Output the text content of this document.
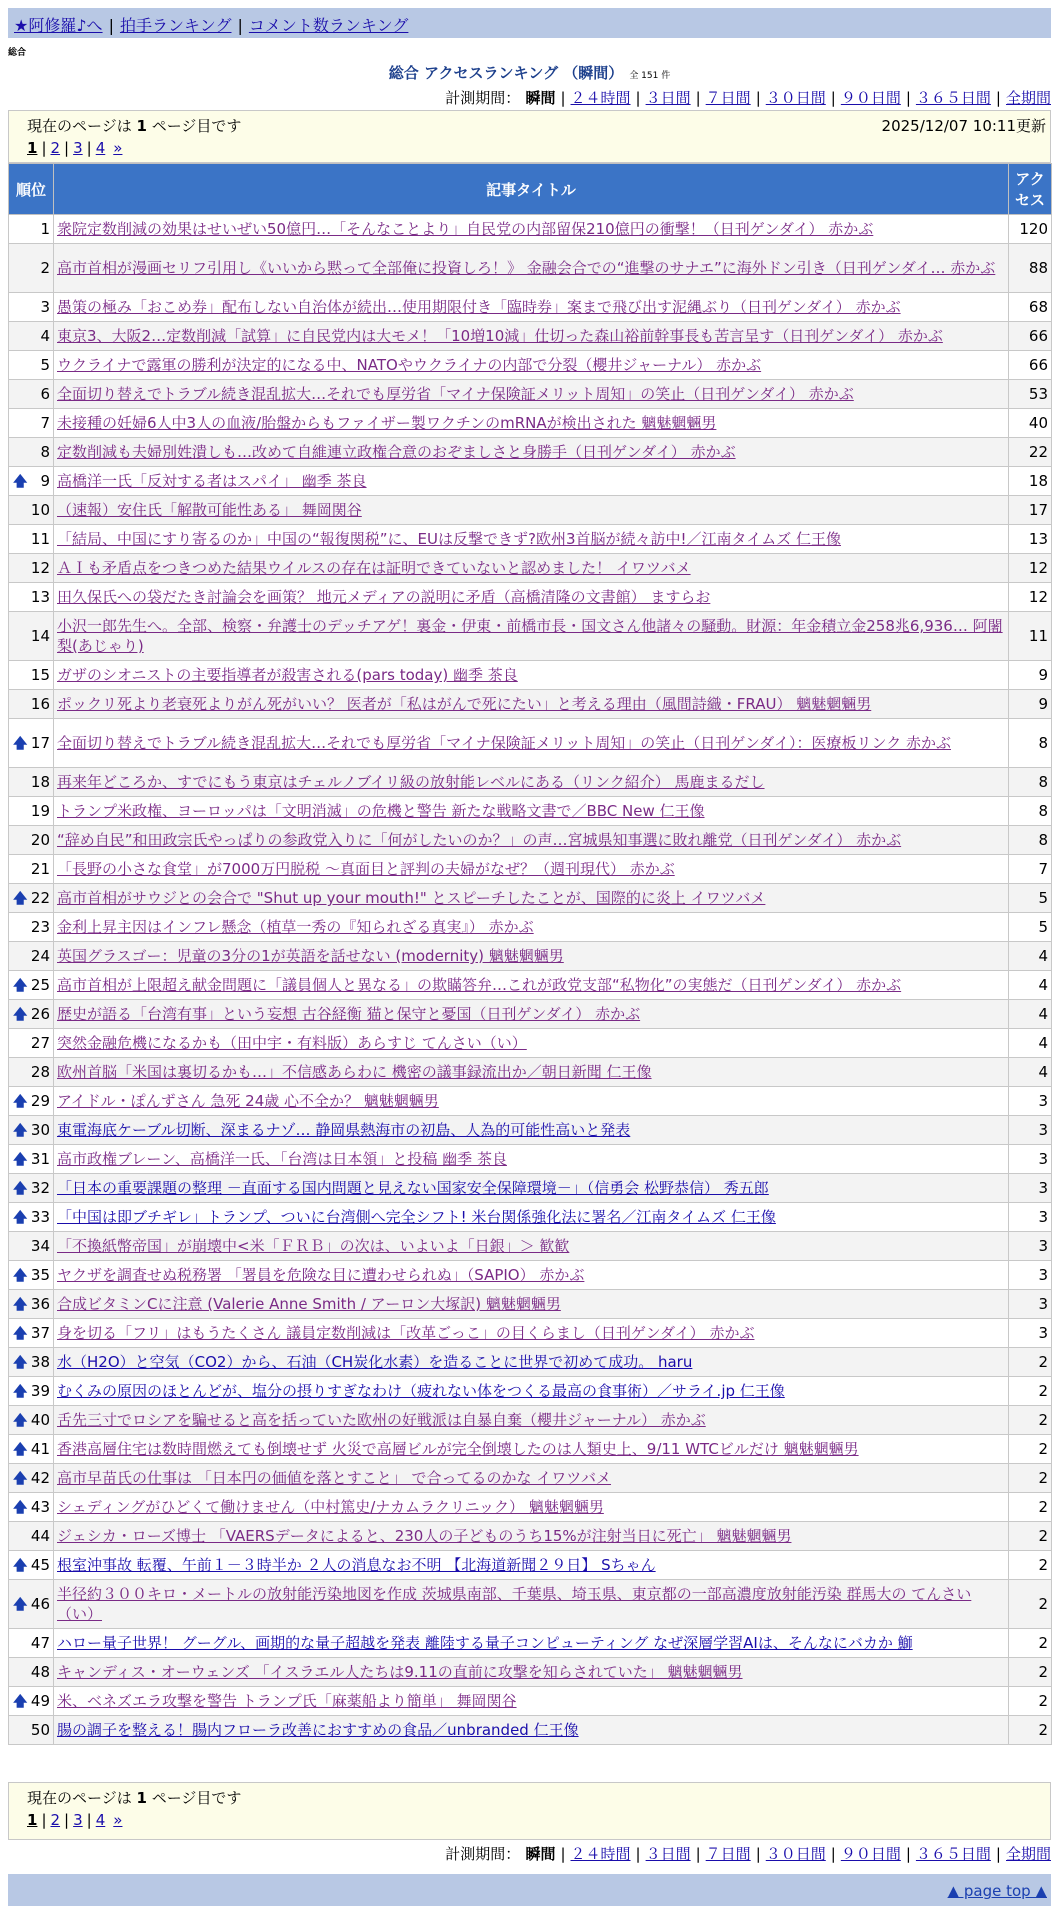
★阿修羅♪へ | 拍手ランキング | コメント数ランキング
総合
総合 アクセスランキング （瞬間） 全 151 件
計測期間： 瞬間 | ２４時間 | ３日間 | ７日間 | ３０日間 | ９０日間 | ３６５日間 | 全期間
現在のページは 1 ページ目です	2025/12/07 10:11更新
1 | 2 | 3 | 4 »
順位	記事タイトル	アクセス
1	衆院定数削減の効果はせいぜい50億円…「そんなことより」自民党の内部留保210億円の衝撃！（日刊ゲンダイ） 赤かぶ	120
2	高市首相が漫画セリフ引用し《いいから黙って全部俺に投資しろ！》 金融会合での“進撃のサナエ”に海外ドン引き（日刊ゲンダイ… 赤かぶ	88
3	愚策の極み「おこめ券」配布しない自治体が続出…使用期限付き「臨時券」案まで飛び出す泥縄ぶり（日刊ゲンダイ） 赤かぶ	68
4	東京3、大阪2…定数削減「試算」に自民党内は大モメ！「10増10減」仕切った森山裕前幹事長も苦言呈す（日刊ゲンダイ） 赤かぶ	66
5	ウクライナで露軍の勝利が決定的になる中、NATOやウクライナの内部で分裂（櫻井ジャーナル） 赤かぶ	66
6	全面切り替えでトラブル続き混乱拡大…それでも厚労省「マイナ保険証メリット周知」の笑止（日刊ゲンダイ） 赤かぶ	53
7	未接種の妊婦6人中3人の血液/胎盤からもファイザー製ワクチンのmRNAが検出された 魑魅魍魎男	40
8	定数削減も夫婦別姓潰しも…改めて自維連立政権合意のおぞましさと身勝手（日刊ゲンダイ） 赤かぶ	22

🡅 9	高橋洋一氏「反対する者はスパイ」 幽季 茶良	18
10	（速報）安住氏「解散可能性ある」 舞岡関谷	17
11	「結局、中国にすり寄るのか」中国の“報復関税”に、EUは反撃できず?欧州3首脳が続々訪中!／江南タイムズ 仁王像	13
12	ＡＩも矛盾点をつきつめた結果ウイルスの存在は証明できていないと認めました！ イワツバメ	12
13	田久保氏への袋だたき討論会を画策？ 地元メディアの説明に矛盾（高橋清隆の文書館） ますらお	12
14	小沢一郎先生へ。全部、検察・弁護士のデッチアゲ！裏金・伊東・前橋市長・国文さん他諸々の騒動。財源：年金積立金258兆6,936… 阿闍梨(あじゃり)	11
15	ガザのシオニストの主要指導者が殺害される(pars today) 幽季 茶良	9
16	ポックリ死より老衰死よりがん死がいい？ 医者が「私はがんで死にたい」と考える理由（風間詩織・FRAU） 魑魅魍魎男	9

🡅 17	全面切り替えでトラブル続き混乱拡大…それでも厚労省「マイナ保険証メリット周知」の笑止（日刊ゲンダイ）：医療板リンク 赤かぶ	8
18	再来年どころか、すでにもう東京はチェルノブイリ級の放射能レベルにある（リンク紹介） 馬鹿まるだし	8
19	トランプ米政権、ヨーロッパは「文明消滅」の危機と警告 新たな戦略文書で／BBC New 仁王像	8
20	“辞め自民”和田政宗氏やっぱりの参政党入りに「何がしたいのか？」の声…宮城県知事選に敗れ離党（日刊ゲンダイ） 赤かぶ	8
21	「長野の小さな食堂」が7000万円脱税 ～真面目と評判の夫婦がなぜ？（週刊現代） 赤かぶ	7

🡅 22	高市首相がサウジとの会合で "Shut up your mouth!" とスピーチしたことが、国際的に炎上 イワツバメ	5
23	金利上昇主因はインフレ懸念（植草一秀の『知られざる真実』） 赤かぶ	5
24	英国グラスゴー：児童の3分の1が英語を話せない (modernity) 魑魅魍魎男	4

🡅 25	高市首相が上限超え献金問題に「議員個人と異なる」の欺瞞答弁…これが政党支部“私物化”の実態だ（日刊ゲンダイ） 赤かぶ	4

🡅 26	歴史が語る「台湾有事」という妄想 古谷経衡 猫と保守と憂国（日刊ゲンダイ） 赤かぶ	4
27	突然金融危機になるかも（田中宇・有料版）あらすじ てんさい（い）	4
28	欧州首脳「米国は裏切るかも…」不信感あらわに 機密の議事録流出か／朝日新聞 仁王像	4

🡅 29	アイドル・ぽんずさん 急死 24歳 心不全か？ 魑魅魍魎男	3

🡅 30	東電海底ケーブル切断、深まるナゾ… 静岡県熱海市の初島、人為的可能性高いと発表	3

🡅 31	高市政権ブレーン、高橋洋一氏、「台湾は日本領」と投稿 幽季 茶良	3

🡅 32	「日本の重要課題の整理 －直面する国内問題と見えない国家安全保障環境－」（信勇会 松野恭信） 秀五郎	3

🡅 33	「中国は即ブチギレ」トランプ、ついに台湾側へ完全シフト! 米台関係強化法に署名／江南タイムズ 仁王像	3
34	「不換紙幣帝国」が崩壊中<米「ＦＲＢ」の次は、いよいよ「日銀」＞ 歓歓	3

🡅 35	ヤクザを調査せぬ税務署 「署員を危険な目に遭わせられぬ」（SAPIO） 赤かぶ	3

🡅 36	合成ビタミンCに注意 (Valerie Anne Smith / アーロン大塚訳) 魑魅魍魎男	3

🡅 37	身を切る「フリ」はもうたくさん 議員定数削減は「改革ごっこ」の目くらまし（日刊ゲンダイ） 赤かぶ	3

🡅 38	水（H2O）と空気（CO2）から、石油（CH炭化水素）を造ることに世界で初めて成功。 haru	2

🡅 39	むくみの原因のほとんどが、塩分の摂りすぎなわけ（疲れない体をつくる最高の食事術）／サライ.jp 仁王像	2

🡅 40	舌先三寸でロシアを騙せると高を括っていた欧州の好戦派は自暴自棄（櫻井ジャーナル） 赤かぶ	2

🡅 41	香港高層住宅は数時間燃えても倒壊せず 火災で高層ビルが完全倒壊したのは人類史上、9/11 WTCビルだけ 魑魅魍魎男	2

🡅 42	高市早苗氏の仕事は 「日本円の価値を落とすこと」 で合ってるのかな イワツバメ	2

🡅 43	シェディングがひどくて働けません（中村篤史/ナカムラクリニック） 魑魅魍魎男	2
44	ジェシカ・ローズ博士 「VAERSデータによると、230人の子どものうち15%が注射当日に死亡」 魑魅魍魎男	2

🡅 45	根室沖事故 転覆、午前１－３時半か ２人の消息なお不明 【北海道新聞２９日】 Sちゃん	2

🡅 46	半径約３００キロ・メートルの放射能汚染地図を作成 茨城県南部、千葉県、埼玉県、東京都の一部高濃度放射能汚染 群馬大の てんさい（い）	2
47	ハロー量子世界！ グーグル、画期的な量子超越を発表 離陸する量子コンピューティング なぜ深層学習AIは、そんなにバカか 鰤	2
48	キャンディス・オーウェンズ 「イスラエル人たちは9.11の直前に攻撃を知らされていた」 魑魅魍魎男	2

🡅 49	米、ベネズエラ攻撃を警告 トランプ氏「麻薬船より簡単」 舞岡関谷	2
50	腸の調子を整える！腸内フローラ改善におすすめの食品／unbranded 仁王像	2
現在のページは 1 ページ目です
1 | 2 | 3 | 4 »
計測期間： 瞬間 | ２４時間 | ３日間 | ７日間 | ３０日間 | ９０日間 | ３６５日間 | 全期間
▲ page top ▲
